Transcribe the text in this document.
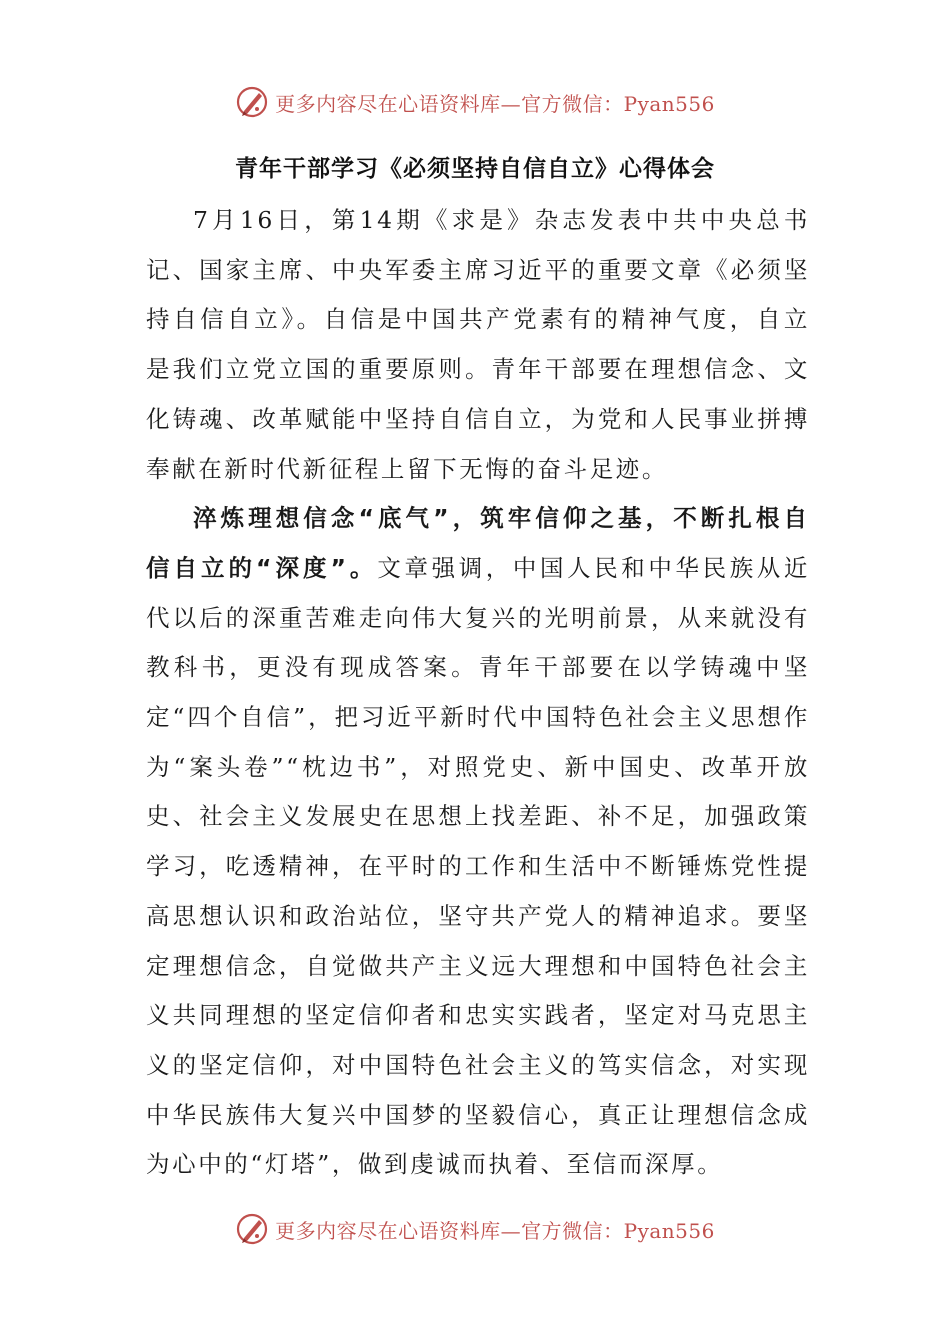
更多内容尽在心语资料库—官方微信：Pyan556
青年干部学习《必须坚持自信自立》心得体会

7月16日，第14期《求是》杂志发表中共中央总书记、国家主席、中央军委主席习近平的重要文章《必须坚持自信自立》。自信是中国共产党素有的精神气度，自立是我们立党立国的重要原则。青年干部要在理想信念、文化铸魂、改革赋能中坚持自信自立，为党和人民事业拼搏奉献在新时代新征程上留下无悔的奋斗足迹。

淬炼理想信念“底气”，筑牢信仰之基，不断扎根自信自立的“深度”。文章强调，中国人民和中华民族从近代以后的深重苦难走向伟大复兴的光明前景，从来就没有教科书，更没有现成答案。青年干部要在以学铸魂中坚定“四个自信”，把习近平新时代中国特色社会主义思想作为“案头卷”“枕边书”，对照党史、新中国史、改革开放史、社会主义发展史在思想上找差距、补不足，加强政策学习，吃透精神，在平时的工作和生活中不断锤炼党性提高思想认识和政治站位，坚守共产党人的精神追求。要坚定理想信念，自觉做共产主义远大理想和中国特色社会主义共同理想的坚定信仰者和忠实实践者，坚定对马克思主义的坚定信仰，对中国特色社会主义的笃实信念，对实现中华民族伟大复兴中国梦的坚毅信心，真正让理想信念成为心中的“灯塔”，做到虔诚而执着、至信而深厚。

更多内容尽在心语资料库—官方微信：Pyan556
